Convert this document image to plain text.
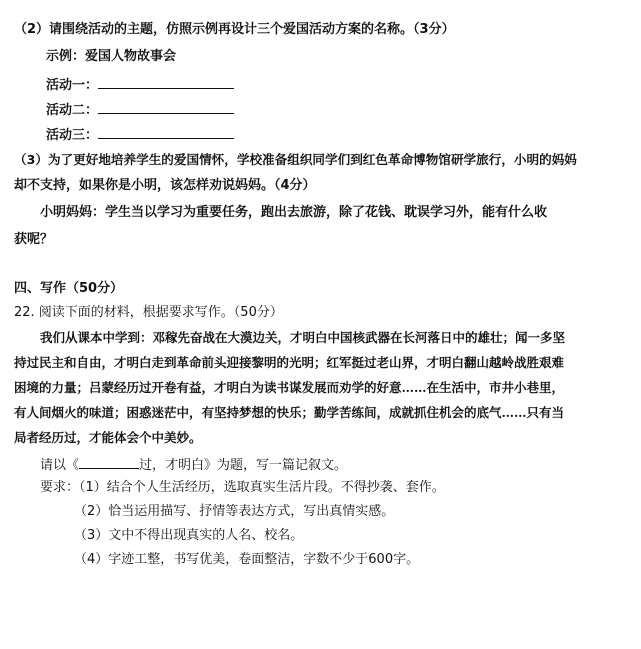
（2）请围绕活动的主题，仿照示例再设计三个爱国活动方案的名称。（3分）
示例：爱国人物故事会
活动一：
活动二：
活动三：
（3）为了更好地培养学生的爱国情怀，学校准备组织同学们到红色革命博物馆研学旅行，小明的妈妈
却不支持，如果你是小明，该怎样劝说妈妈。（4分）
小明妈妈：学生当以学习为重要任务，跑出去旅游，除了花钱、耽误学习外，能有什么收
获呢？
四、写作（50分）
22. 阅读下面的材料，根据要求写作。（50分）
我们从课本中学到：邓稼先奋战在大漠边关，才明白中国核武器在长河落日中的雄壮；闻一多坚
持过民主和自由，才明白走到革命前头迎接黎明的光明；红军挺过老山界，才明白翻山越岭战胜艰难
困境的力量；吕蒙经历过开卷有益，才明白为读书谋发展而劝学的好意……在生活中，市井小巷里，
有人间烟火的味道；困惑迷茫中，有坚持梦想的快乐；勤学苦练间，成就抓住机会的底气……只有当
局者经历过，才能体会个中美妙。
请以《	过，才明白》为题，写一篇记叙文。
要求：（1）结合个人生活经历，选取真实生活片段。不得抄袭、套作。
（2）恰当运用描写、抒情等表达方式，写出真情实感。
（3）文中不得出现真实的人名、校名。
（4）字迹工整，书写优美，卷面整洁，字数不少于600字。
